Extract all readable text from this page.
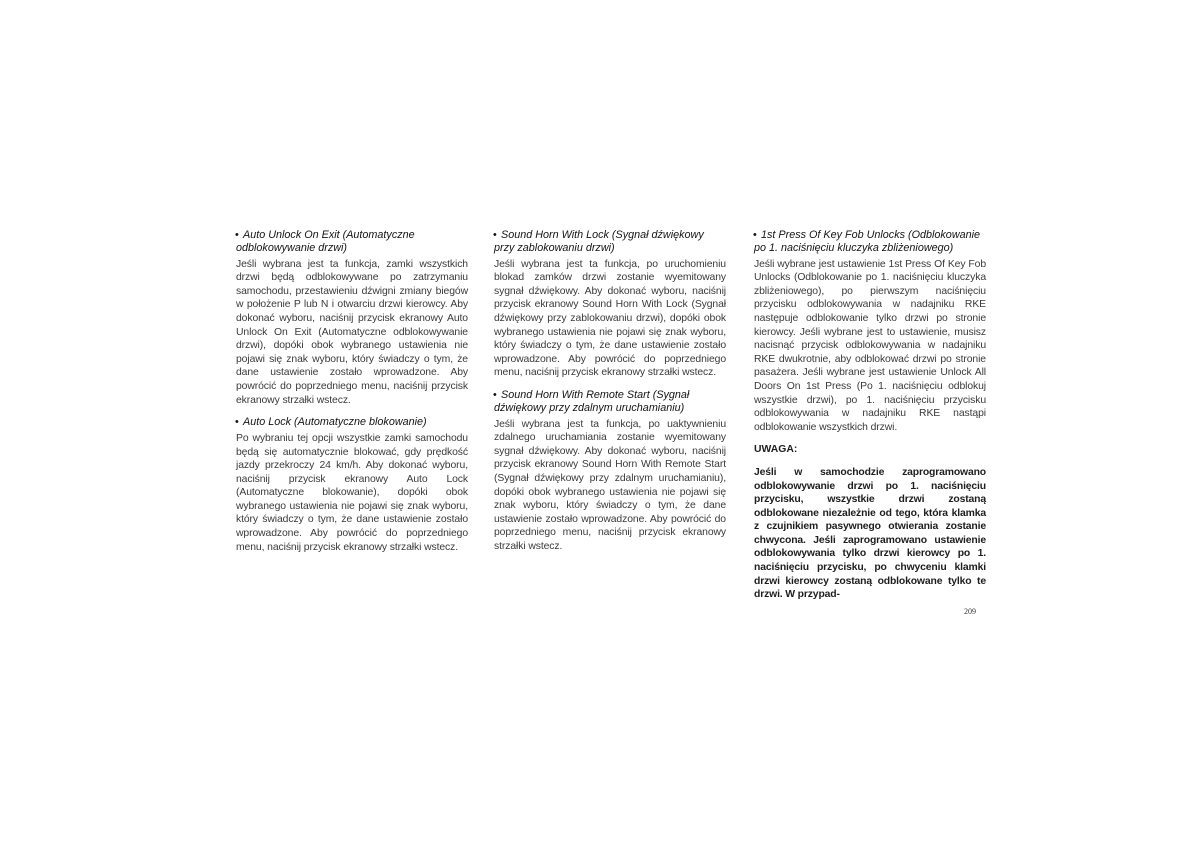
• Auto Unlock On Exit (Automatyczne odblokowywanie drzwi)

Jeśli wybrana jest ta funkcja, zamki wszystkich drzwi będą odblokowywane po zatrzymaniu samochodu, przestawieniu dźwigni zmiany biegów w położenie P lub N i otwarciu drzwi kierowcy. Aby dokonać wyboru, naciśnij przycisk ekranowy Auto Unlock On Exit (Automatyczne odblokowywanie drzwi), dopóki obok wybranego ustawienia nie pojawi się znak wyboru, który świadczy o tym, że dane ustawienie zostało wprowadzone. Aby powrócić do poprzedniego menu, naciśnij przycisk ekranowy strzałki wstecz.

• Auto Lock (Automatyczne blokowanie)

Po wybraniu tej opcji wszystkie zamki samochodu będą się automatycznie blokować, gdy prędkość jazdy przekroczy 24 km/h. Aby dokonać wyboru, naciśnij przycisk ekranowy Auto Lock (Automatyczne blokowanie), dopóki obok wybranego ustawienia nie pojawi się znak wyboru, który świadczy o tym, że dane ustawienie zostało wprowadzone. Aby powrócić do poprzedniego menu, naciśnij przycisk ekranowy strzałki wstecz.

• Sound Horn With Lock (Sygnał dźwiękowy przy zablokowaniu drzwi)

Jeśli wybrana jest ta funkcja, po uruchomieniu blokad zamków drzwi zostanie wyemitowany sygnał dźwiękowy. Aby dokonać wyboru, naciśnij przycisk ekranowy Sound Horn With Lock (Sygnał dźwiękowy przy zablokowaniu drzwi), dopóki obok wybranego ustawienia nie pojawi się znak wyboru, który świadczy o tym, że dane ustawienie zostało wprowadzone. Aby powrócić do poprzedniego menu, naciśnij przycisk ekranowy strzałki wstecz.

• Sound Horn With Remote Start (Sygnał dźwiękowy przy zdalnym uruchamianiu)

Jeśli wybrana jest ta funkcja, po uaktywnieniu zdalnego uruchamiania zostanie wyemitowany sygnał dźwiękowy. Aby dokonać wyboru, naciśnij przycisk ekranowy Sound Horn With Remote Start (Sygnał dźwiękowy przy zdalnym uruchamianiu), dopóki obok wybranego ustawienia nie pojawi się znak wyboru, który świadczy o tym, że dane ustawienie zostało wprowadzone. Aby powrócić do poprzedniego menu, naciśnij przycisk ekranowy strzałki wstecz.

• 1st Press Of Key Fob Unlocks (Odblokowanie po 1. naciśnięciu kluczyka zbliżeniowego)

Jeśli wybrane jest ustawienie 1st Press Of Key Fob Unlocks (Odblokowanie po 1. naciśnięciu kluczyka zbliżeniowego), po pierwszym naciśnięciu przycisku odblokowywania w nadajniku RKE następuje odblokowanie tylko drzwi po stronie kierowcy. Jeśli wybrane jest to ustawienie, musisz nacisnąć przycisk odblokowywania w nadajniku RKE dwukrotnie, aby odblokować drzwi po stronie pasażera. Jeśli wybrane jest ustawienie Unlock All Doors On 1st Press (Po 1. naciśnięciu odblokuj wszystkie drzwi), po 1. naciśnięciu przycisku odblokowywania w nadajniku RKE nastąpi odblokowanie wszystkich drzwi.

UWAGA:

Jeśli w samochodzie zaprogramowano odblokowywanie drzwi po 1. naciśnięciu przycisku, wszystkie drzwi zostaną odblokowane niezależnie od tego, która klamka z czujnikiem pasywnego otwierania zostanie chwycona. Jeśli zaprogramowano ustawienie odblokowywania tylko drzwi kierowcy po 1. naciśnięciu przycisku, po chwyceniu klamki drzwi kierowcy zostaną odblokowane tylko te drzwi. W przypad-

209
